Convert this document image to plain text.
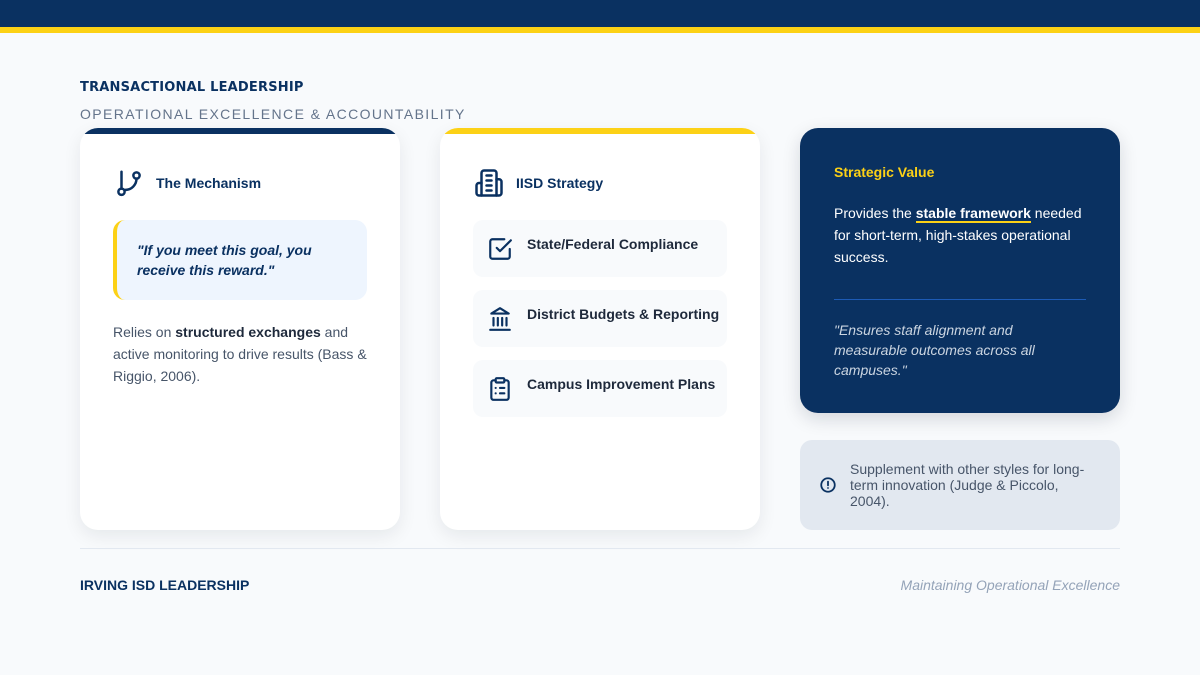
TRANSACTIONAL LEADERSHIP
OPERATIONAL EXCELLENCE & ACCOUNTABILITY
The Mechanism
"If you meet this goal, you receive this reward."
Relies on structured exchanges and active monitoring to drive results (Bass & Riggio, 2006).
IISD Strategy
State/Federal Compliance
District Budgets & Reporting
Campus Improvement Plans
Strategic Value
Provides the stable framework needed for short-term, high-stakes operational success.
"Ensures staff alignment and measurable outcomes across all campuses."
Supplement with other styles for long-term innovation (Judge & Piccolo, 2004).
IRVING ISD LEADERSHIP	Maintaining Operational Excellence
